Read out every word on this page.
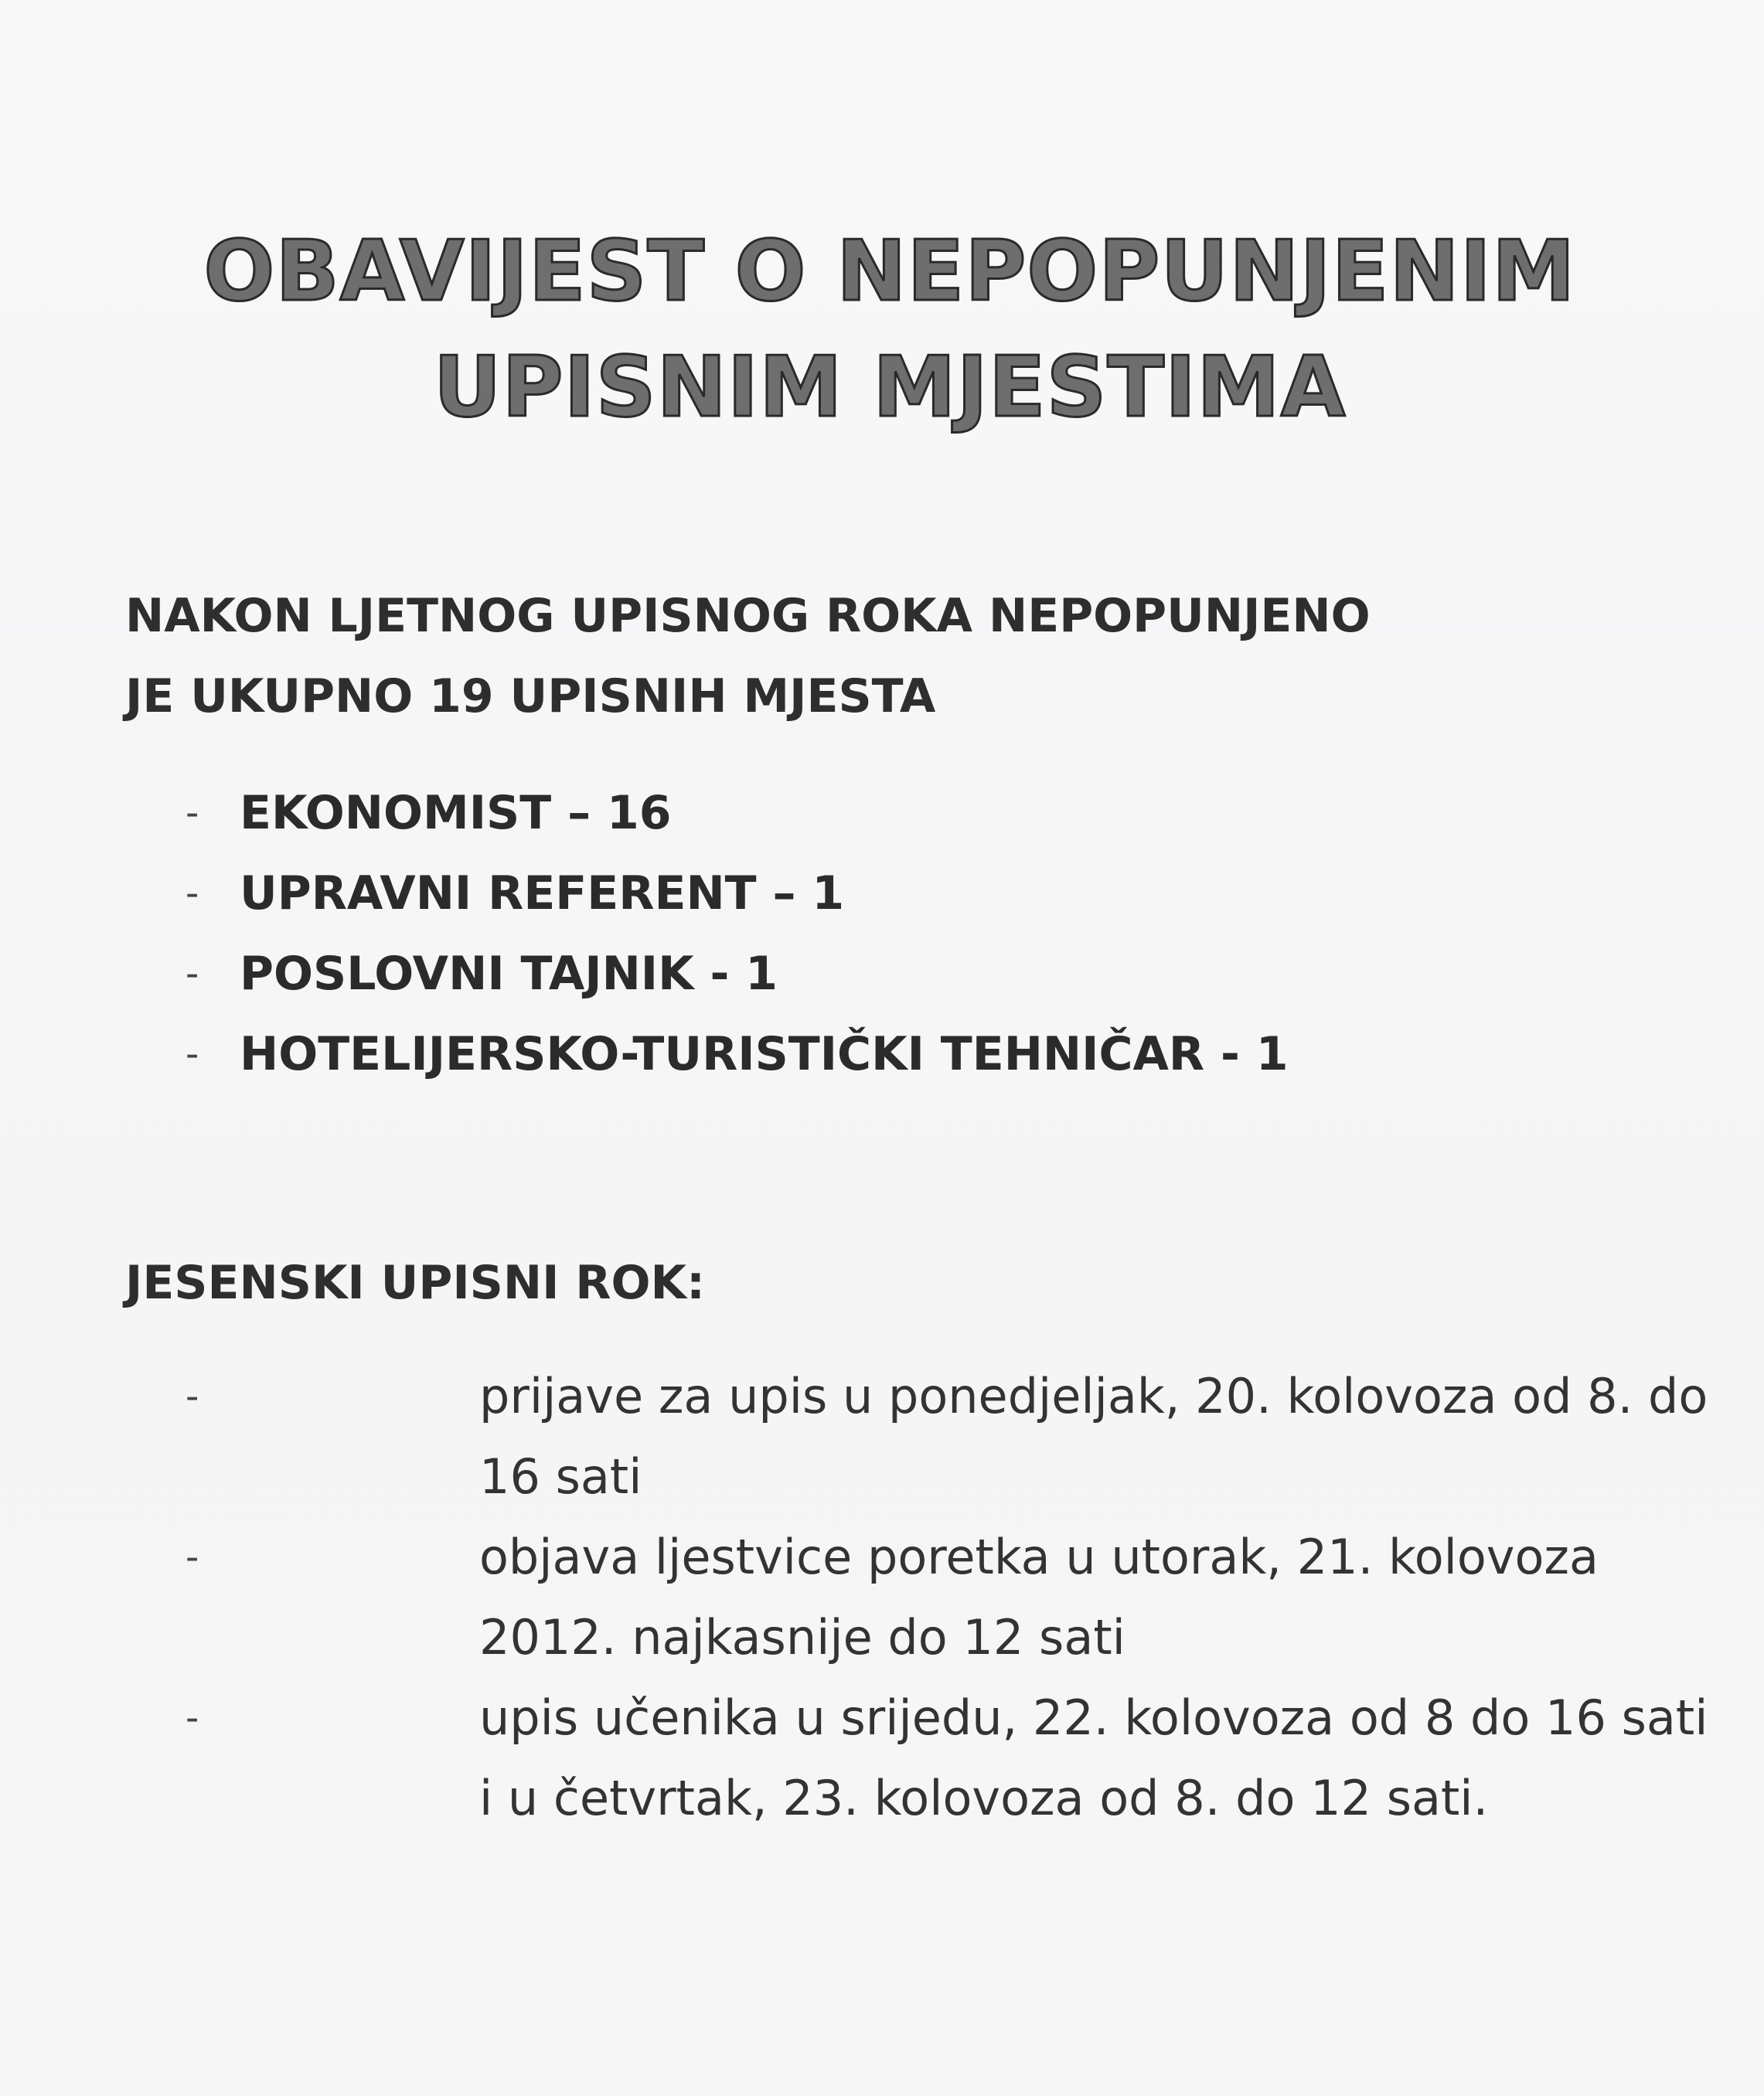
OBAVIJEST O NEPOPUNJENIM
UPISNIM MJESTIMA

NAKON LJETNOG UPISNOG ROKA NEPOPUNJENO
JE UKUPNO 19 UPISNIH MJESTA

- EKONOMIST – 16
- UPRAVNI REFERENT – 1
- POSLOVNI TAJNIK - 1
- HOTELIJERSKO-TURISTIČKI TEHNIČAR - 1
JESENSKI UPISNI ROK:
-	prijave za upis u ponedjeljak, 20. kolovoza od 8. do
16 sati
-	objava ljestvice poretka u utorak, 21. kolovoza
2012. najkasnije do 12 sati
-	upis učenika u srijedu, 22. kolovoza od 8 do 16 sati
i u četvrtak, 23. kolovoza od 8. do 12 sati.
